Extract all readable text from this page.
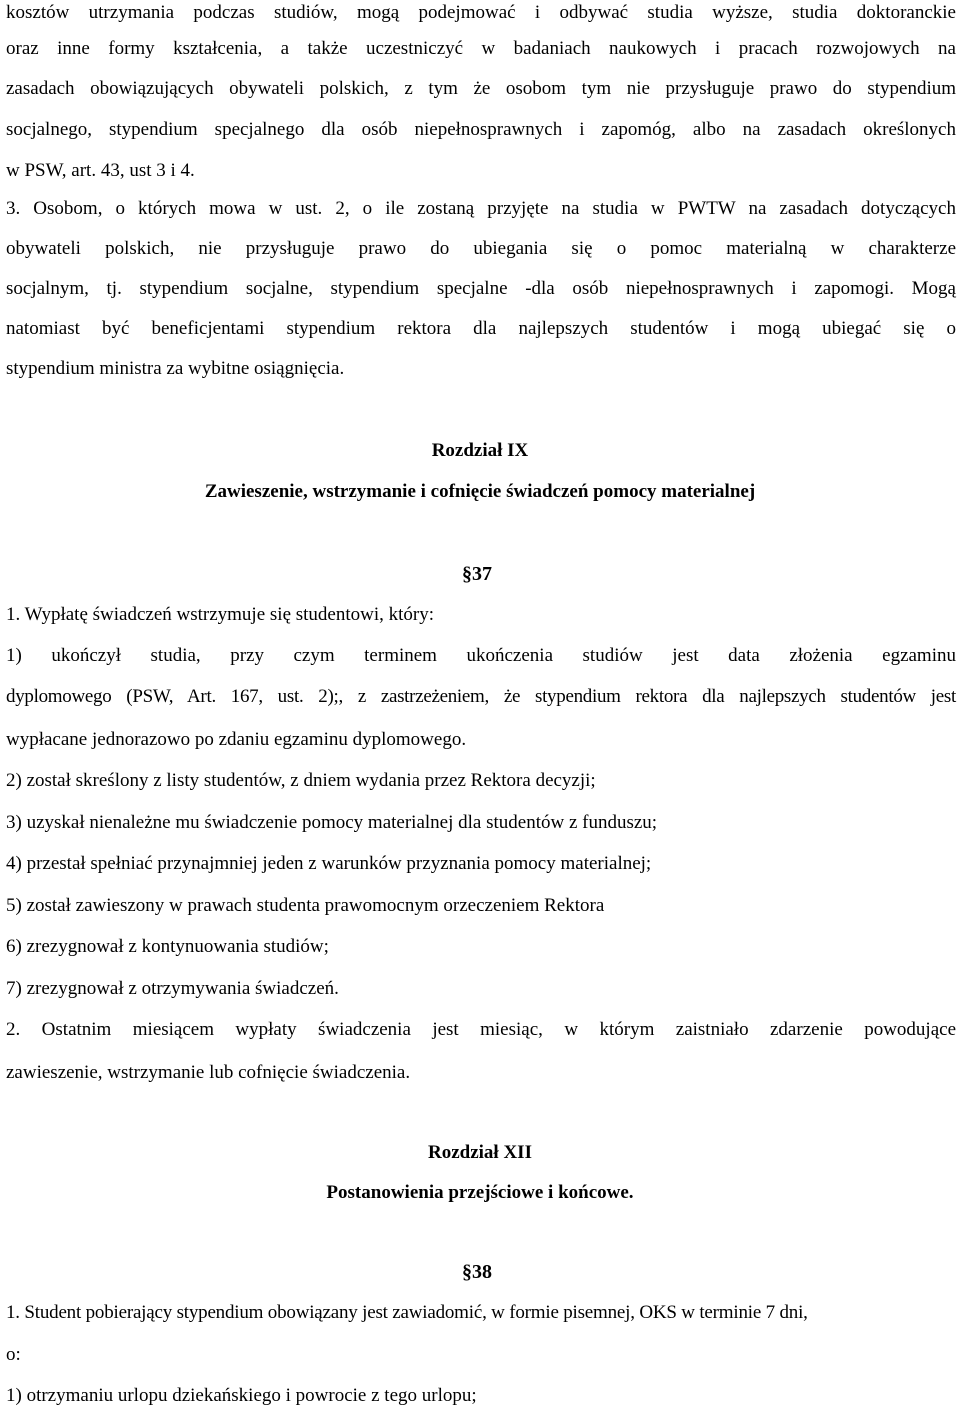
kosztów utrzymania podczas studiów, mogą podejmować i odbywać studia wyższe, studia doktoranckie
oraz inne formy kształcenia, a także uczestniczyć w badaniach naukowych i pracach rozwojowych na
zasadach obowiązujących obywateli polskich, z tym że osobom tym nie przysługuje prawo do stypendium
socjalnego, stypendium specjalnego dla osób niepełnosprawnych i zapomóg, albo na zasadach określonych
w PSW, art. 43, ust 3 i 4.
3. Osobom, o których mowa w ust. 2, o ile zostaną przyjęte na studia w PWTW na zasadach dotyczących
obywateli polskich, nie przysługuje prawo do ubiegania się o pomoc materialną w charakterze
socjalnym, tj. stypendium socjalne, stypendium specjalne -dla osób niepełnosprawnych i zapomogi. Mogą
natomiast być beneficjentami stypendium rektora dla najlepszych studentów i mogą ubiegać się o
stypendium ministra za wybitne osiągnięcia.
Rozdział IX
Zawieszenie, wstrzymanie i cofnięcie świadczeń pomocy materialnej
§37
1. Wypłatę świadczeń wstrzymuje się studentowi, który:
1) ukończył studia, przy czym terminem ukończenia studiów jest data złożenia egzaminu
dyplomowego (PSW, Art. 167, ust. 2);, z zastrzeżeniem, że stypendium rektora dla najlepszych studentów jest
wypłacane jednorazowo po zdaniu egzaminu dyplomowego.
2) został skreślony z listy studentów, z dniem wydania przez Rektora decyzji;
3) uzyskał nienależne mu świadczenie pomocy materialnej dla studentów z funduszu;
4) przestał spełniać przynajmniej jeden z warunków przyznania pomocy materialnej;
5) został zawieszony w prawach studenta prawomocnym orzeczeniem Rektora
6) zrezygnował z kontynuowania studiów;
7) zrezygnował z otrzymywania świadczeń.
2. Ostatnim miesiącem wypłaty świadczenia jest miesiąc, w którym zaistniało zdarzenie powodujące
zawieszenie, wstrzymanie lub cofnięcie świadczenia.
Rozdział XII
Postanowienia przejściowe i końcowe.
§38
1. Student pobierający stypendium obowiązany jest zawiadomić, w formie pisemnej, OKS w terminie 7 dni,
o:
1) otrzymaniu urlopu dziekańskiego i powrocie z tego urlopu;
